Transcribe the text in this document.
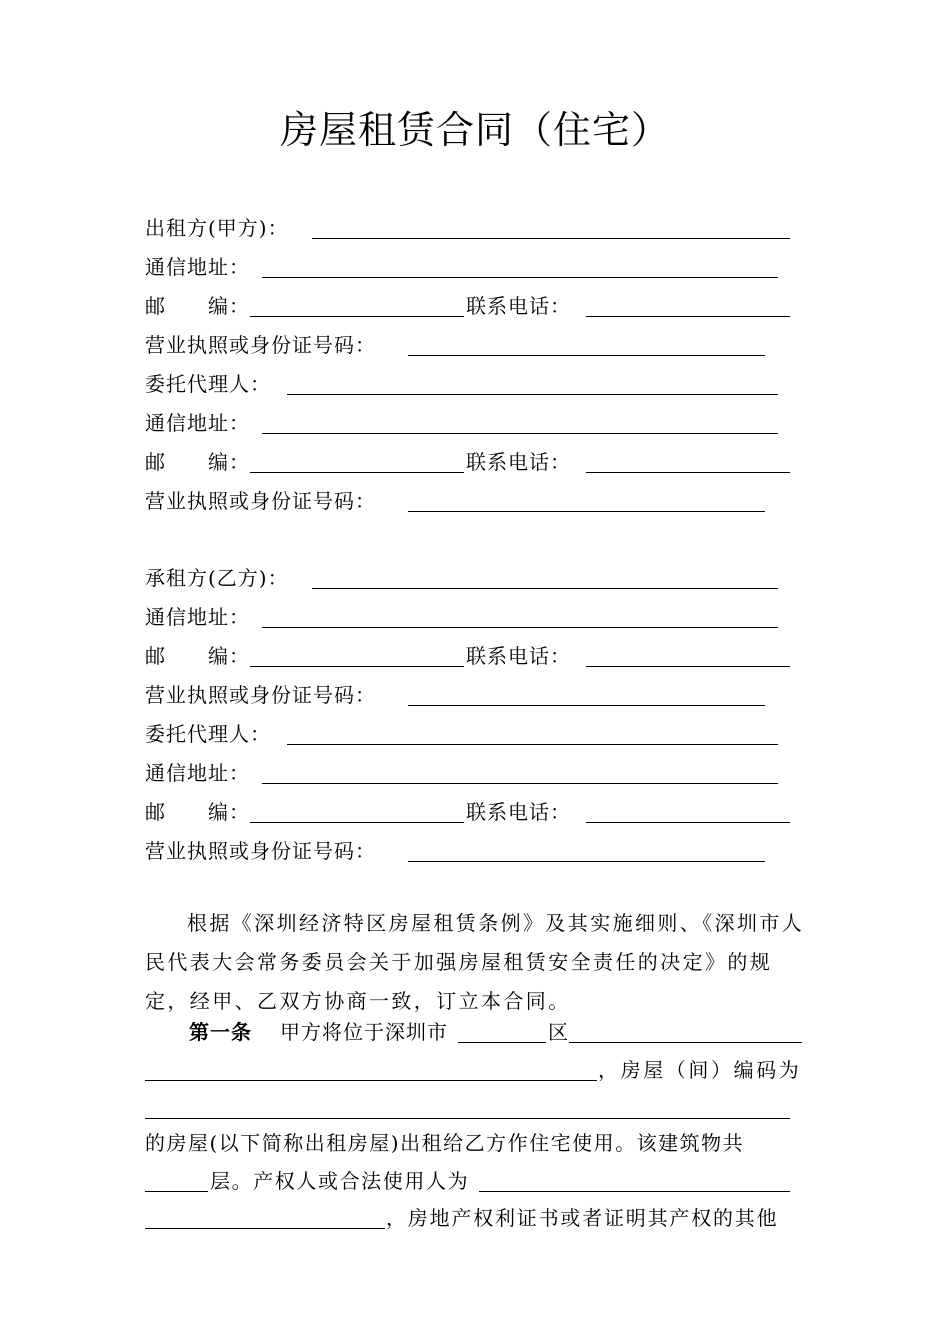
房屋租赁合同（住宅）
出租方(甲方)：
通信地址：
邮　　编：	联系电话：
营业执照或身份证号码：
委托代理人：
通信地址：
邮　　编：	联系电话：
营业执照或身份证号码：
承租方(乙方)：
通信地址：
邮　　编：	联系电话：
营业执照或身份证号码：
委托代理人：
通信地址：
邮　　编：	联系电话：
营业执照或身份证号码：
根据《深圳经济特区房屋租赁条例》及其实施细则、《深圳市人民代表大会常务委员会关于加强房屋租赁安全责任的决定》的规定，经甲、乙双方协商一致，订立本合同。
第一条 甲方将位于深圳市	区
，房屋（间）编码为
的房屋(以下简称出租房屋)出租给乙方作住宅使用。该建筑物共
层。产权人或合法使用人为
，房地产权利证书或者证明其产权的其他
